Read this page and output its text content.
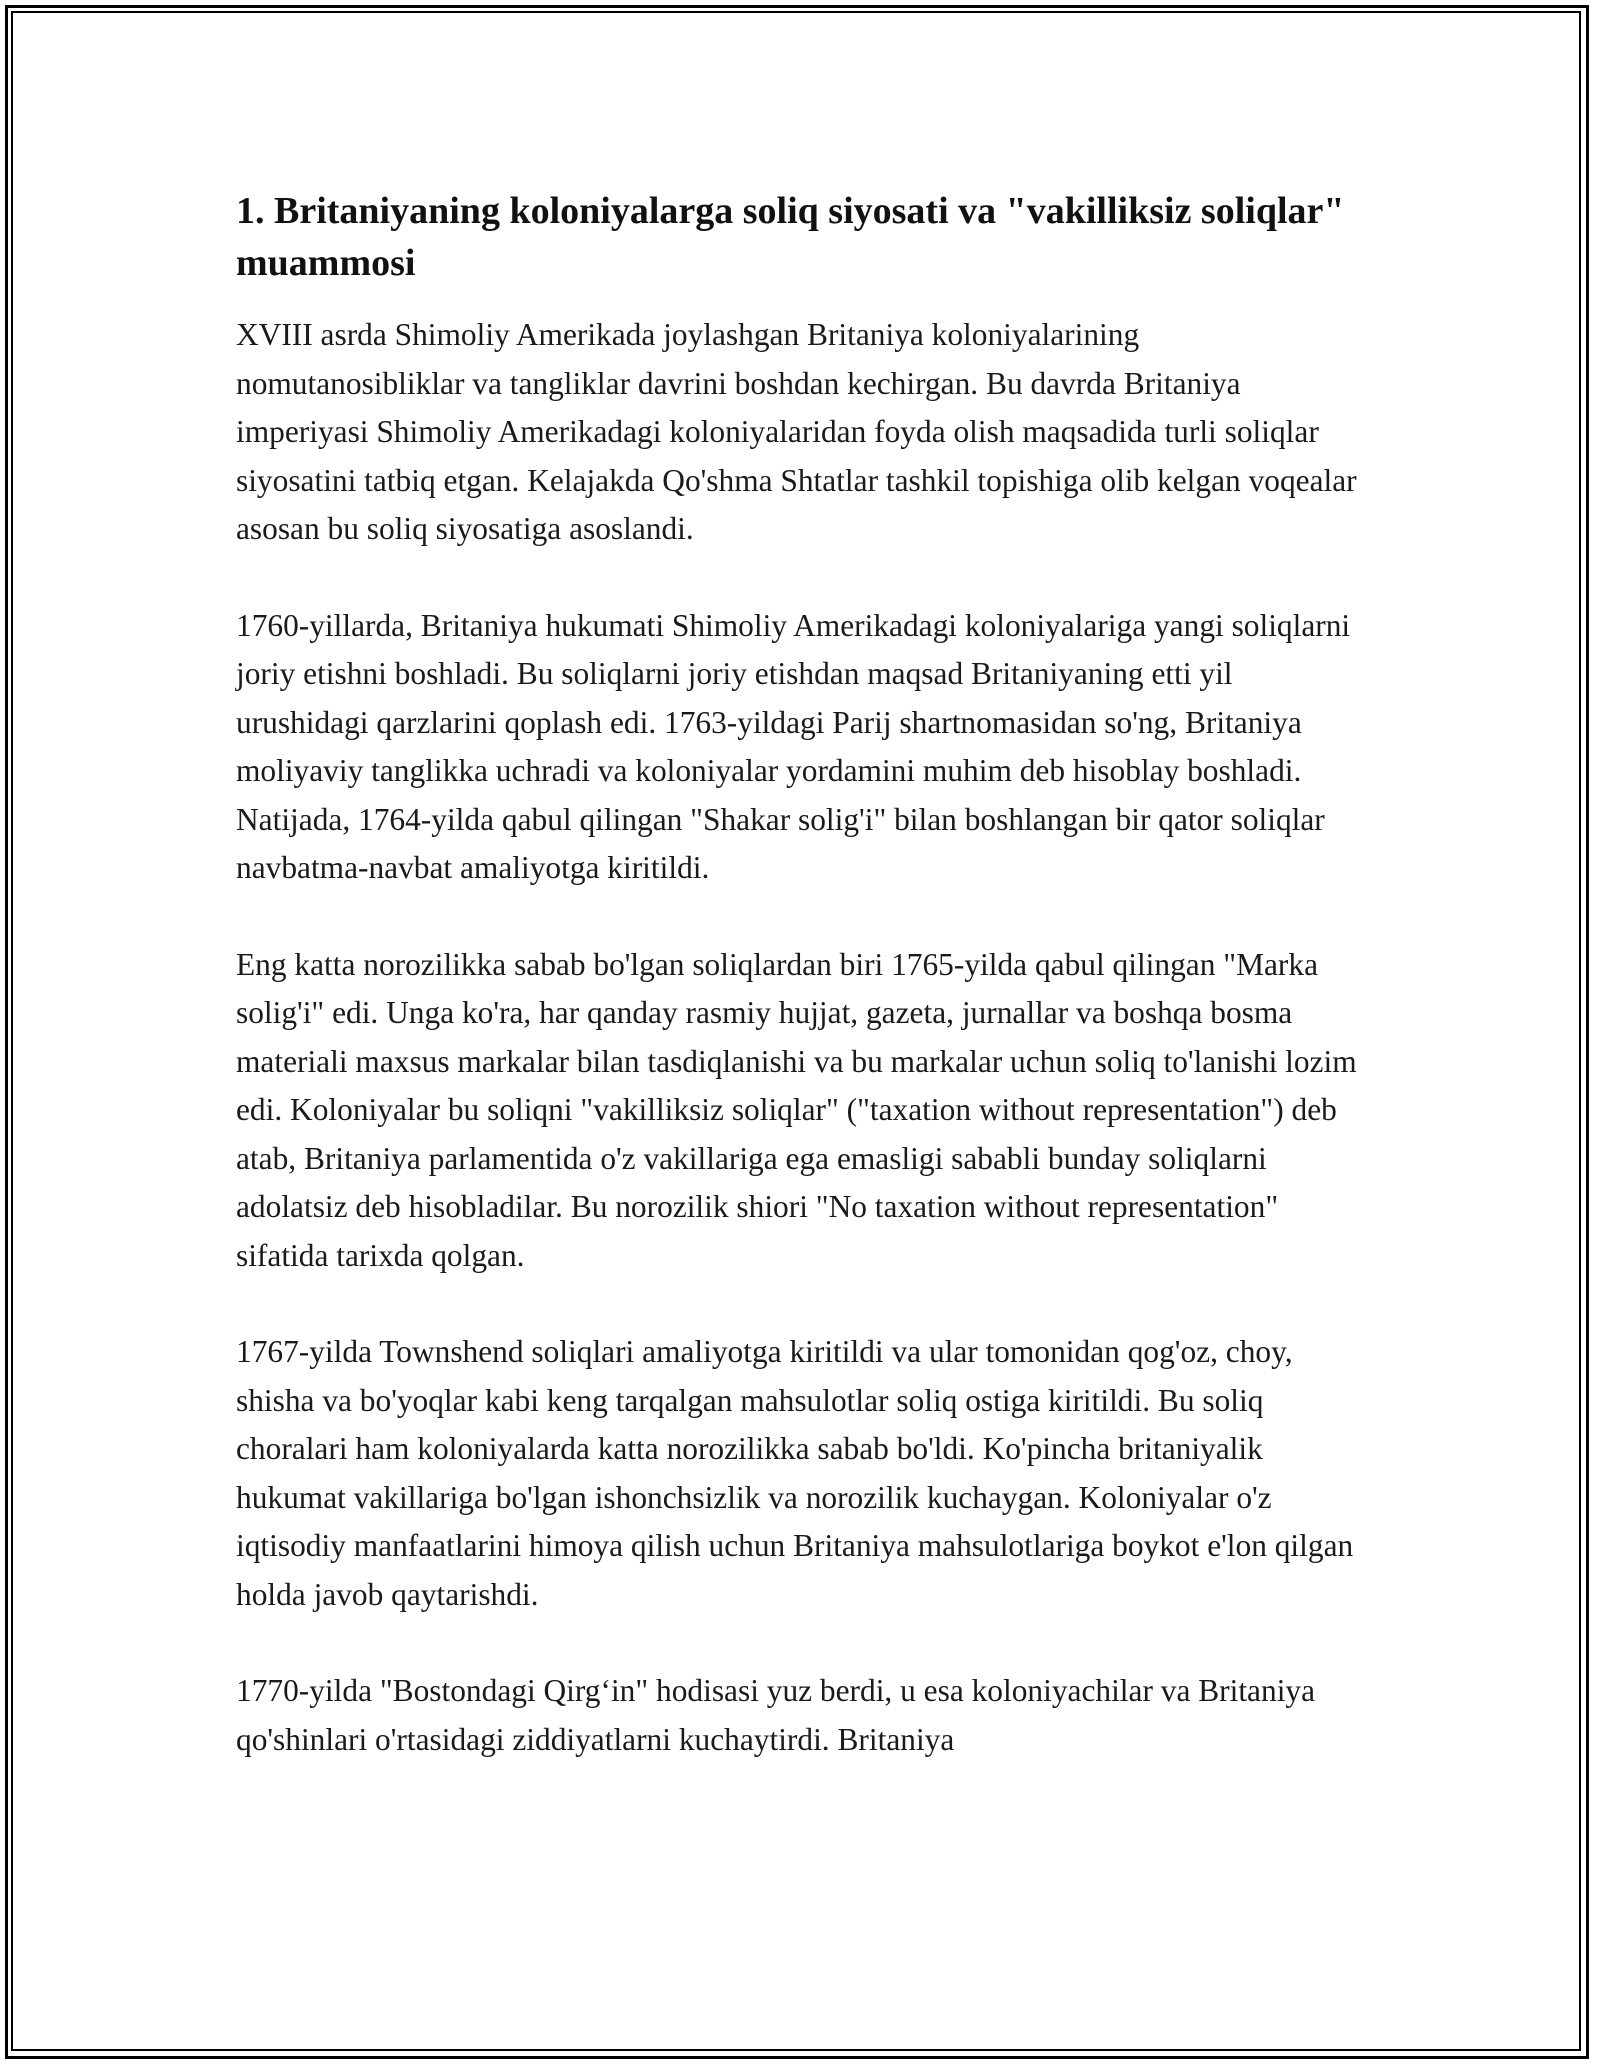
1. Britaniyaning koloniyalarga soliq siyosati va "vakilliksiz soliqlar" muammosi

XVIII asrda Shimoliy Amerikada joylashgan Britaniya koloniyalarining nomutanosibliklar va tangliklar davrini boshdan kechirgan. Bu davrda Britaniya imperiyasi Shimoliy Amerikadagi koloniyalaridan foyda olish maqsadida turli soliqlar siyosatini tatbiq etgan. Kelajakda Qo'shma Shtatlar tashkil topishiga olib kelgan voqealar asosan bu soliq siyosatiga asoslandi.

1760-yillarda, Britaniya hukumati Shimoliy Amerikadagi koloniyalariga yangi soliqlarni joriy etishni boshladi. Bu soliqlarni joriy etishdan maqsad Britaniyaning etti yil urushidagi qarzlarini qoplash edi. 1763-yildagi Parij shartnomasidan so'ng, Britaniya moliyaviy tanglikka uchradi va koloniyalar yordamini muhim deb hisoblay boshladi. Natijada, 1764-yilda qabul qilingan "Shakar solig'i" bilan boshlangan bir qator soliqlar navbatma-navbat amaliyotga kiritildi.

Eng katta norozilikka sabab bo'lgan soliqlardan biri 1765-yilda qabul qilingan "Marka solig'i" edi. Unga ko'ra, har qanday rasmiy hujjat, gazeta, jurnallar va boshqa bosma materiali maxsus markalar bilan tasdiqlanishi va bu markalar uchun soliq to'lanishi lozim edi. Koloniyalar bu soliqni "vakilliksiz soliqlar" ("taxation without representation") deb atab, Britaniya parlamentida o'z vakillariga ega emasligi sababli bunday soliqlarni adolatsiz deb hisobladilar. Bu norozilik shiori "No taxation without representation" sifatida tarixda qolgan.

1767-yilda Townshend soliqlari amaliyotga kiritildi va ular tomonidan qog'oz, choy, shisha va bo'yoqlar kabi keng tarqalgan mahsulotlar soliq ostiga kiritildi. Bu soliq choralari ham koloniyalarda katta norozilikka sabab bo'ldi. Ko'pincha britaniyalik hukumat vakillariga bo'lgan ishonchsizlik va norozilik kuchaygan. Koloniyalar o'z iqtisodiy manfaatlarini himoya qilish uchun Britaniya mahsulotlariga boykot e'lon qilgan holda javob qaytarishdi.

1770-yilda "Bostondagi Qirg‘in" hodisasi yuz berdi, u esa koloniyachilar va Britaniya qo'shinlari o'rtasidagi ziddiyatlarni kuchaytirdi. Britaniya
